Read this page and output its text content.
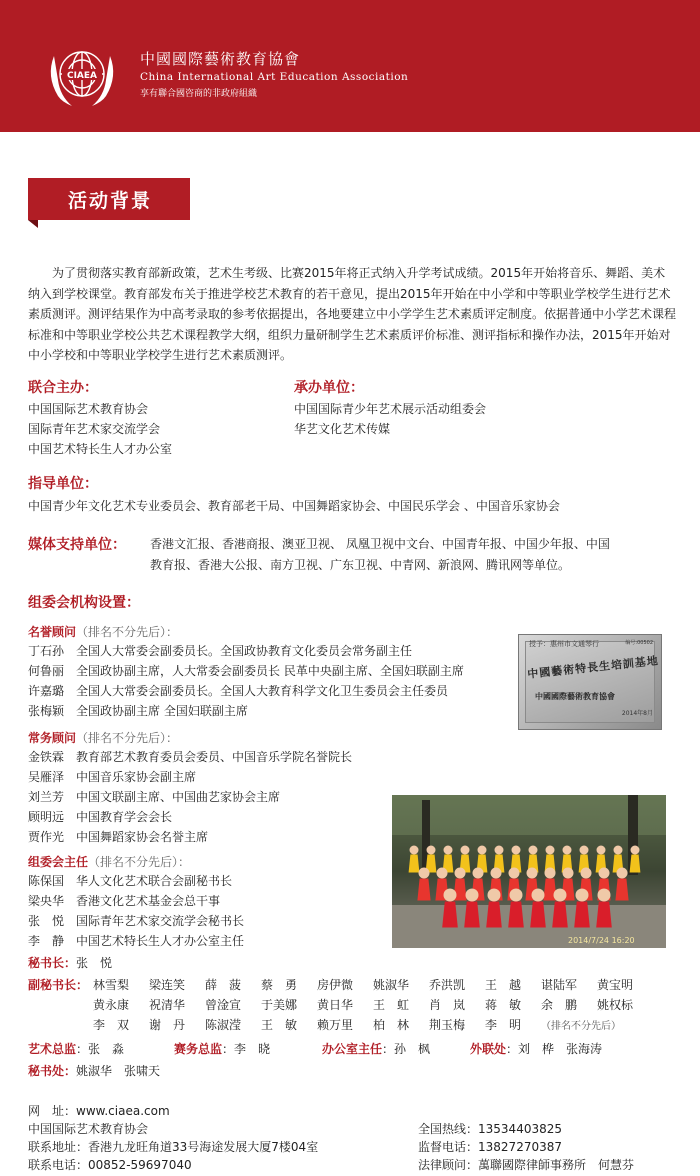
CIAEA
中國國際藝術教育協會
China International Art Education Association
享有聯合國咨商的非政府組織
活动背景
为了贯彻落实教育部新政策，艺术生考级、比赛2015年将正式纳入升学考试成绩。2015年开始将音乐、舞蹈、美术纳入到学校课堂。教育部发布关于推进学校艺术教育的若干意见，提出2015年开始在中小学和中等职业学校学生进行艺术素质测评。测评结果作为中高考录取的参考依据提出，各地要建立中小学学生艺术素质评定制度。依据普通中小学艺术课程标准和中等职业学校公共艺术课程教学大纲，组织力量研制学生艺术素质评价标准、测评指标和操作办法，2015年开始对中小学校和中等职业学校学生进行艺术素质测评。
联合主办：
中国国际艺术教育协会
国际青年艺术家交流学会
中国艺术特长生人才办公室
承办单位：
中国国际青少年艺术展示活动组委会
华艺文化艺术传媒
指导单位：
中国青少年文化艺术专业委员会、教育部老干局、中国舞蹈家协会、中国民乐学会 、中国音乐家协会
媒体支持单位： 香港文汇报、香港商报、澳亚卫视、 凤凰卫视中文台、中国青年报、中国少年报、中国
教育报、香港大公报、南方卫视、广东卫视、中青网、新浪网、腾讯网等单位。
组委会机构设置：
名誉顾问（排名不分先后）：
丁石孙　 全国人大常委会副委员长。全国政协教育文化委员会常务副主任
何鲁丽　 全国政协副主席，人大常委会副委员长 民革中央副主席、全国妇联副主席
许嘉璐　 全国人大常委会副委员长。全国人大教育科学文化卫生委员会主任委员
张梅颖　 全国政协副主席 全国妇联副主席
常务顾问（排名不分先后）：
金铁霖　 教育部艺术教育委员会委员、中国音乐学院名誉院长
吴雁泽　 中国音乐家协会副主席
刘兰芳　 中国文联副主席、中国曲艺家协会主席
顾明远　 中国教育学会会长
贾作光　 中国舞蹈家协会名誉主席
组委会主任（排名不分先后）：
陈保国　 华人文化艺术联合会副秘书长
梁央华　 香港文化艺术基金会总干事
张　悦　 国际青年艺术家交流学会秘书长
李　静　 中国艺术特长生人才办公室主任
秘书长：张　悦
副秘书长： 林雪梨 梁连笑 薛　菠 蔡　勇 房伊微 姚淑华 乔洪凯 王　越 谌陆军 黄宝明
黄永康 祝清华 曾淦宣 于美娜 黄日华 王　虹 肖　岚 蒋　敏 余　鹏 姚权标
李　双 谢　丹 陈淑滢 王　敏 赖万里 柏　林 荆玉梅 李　明 （排名不分先后）
艺术总监：张　淼	赛务总监：李　晓	办公室主任：孙　枫	外联处：刘　桦　张海涛
秘书处：姚淑华　张啸天
授予：惠州市文通琴行	编号:00502
中國藝術特長生培訓基地
中國國際藝術教育協會
2014年8月
2014/7/24 16:20
网　址：www.ciaea.com
中国国际艺术教育协会
联系地址：香港九龙旺角道33号海途发展大厦7楼04室
联系电话：00852-59697040
全国热线：13534403825
监督电话：13827270387
法律顾问：萬聯國際律師事務所　何慧芬
